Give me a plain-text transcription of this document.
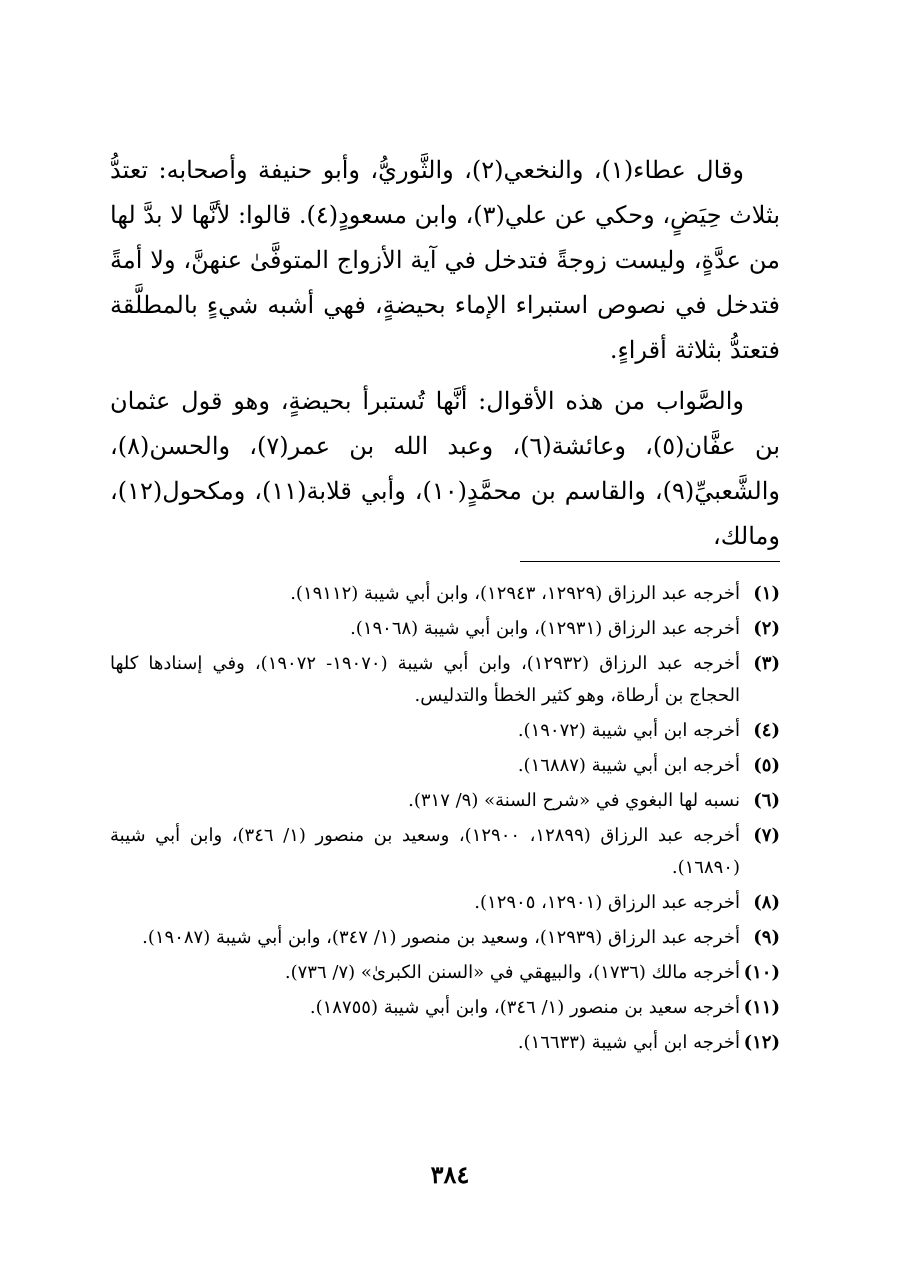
وقال عطاء(١)، والنخعي(٢)، والثَّوريُّ، وأبو حنيفة وأصحابه: تعتدُّ بثلاث حِيَضٍ، وحكي عن علي(٣)، وابن مسعودٍ(٤). قالوا: لأنَّها لا بدَّ لها من عدَّةٍ، وليست زوجةً فتدخل في آية الأزواج المتوفَّىٰ عنهنَّ، ولا أمةً فتدخل في نصوص استبراء الإماء بحيضةٍ، فهي أشبه شيءٍ بالمطلَّقة فتعتدُّ بثلاثة أقراءٍ.

والصَّواب من هذه الأقوال: أنَّها تُستبرأ بحيضةٍ، وهو قول عثمان بن عفَّان(٥)، وعائشة(٦)، وعبد الله بن عمر(٧)، والحسن(٨)، والشَّعبيِّ(٩)، والقاسم بن محمَّدٍ(١٠)، وأبي قلابة(١١)، ومكحول(١٢)، ومالك،

(١)
أخرجه عبد الرزاق (١٢٩٢٩، ١٢٩٤٣)، وابن أبي شيبة (١٩١١٢).
(٢)
أخرجه عبد الرزاق (١٢٩٣١)، وابن أبي شيبة (١٩٠٦٨).
(٣)
أخرجه عبد الرزاق (١٢٩٣٢)، وابن أبي شيبة (١٩٠٧٠- ١٩٠٧٢)، وفي إسنادها كلها الحجاج بن أرطاة، وهو كثير الخطأ والتدليس.
(٤)
أخرجه ابن أبي شيبة (١٩٠٧٢).
(٥)
أخرجه ابن أبي شيبة (١٦٨٨٧).
(٦)
نسبه لها البغوي في «شرح السنة» (٩/ ٣١٧).
(٧)
أخرجه عبد الرزاق (١٢٨٩٩، ١٢٩٠٠)، وسعيد بن منصور (١/ ٣٤٦)، وابن أبي شيبة (١٦٨٩٠).
(٨)
أخرجه عبد الرزاق (١٢٩٠١، ١٢٩٠٥).
(٩)
أخرجه عبد الرزاق (١٢٩٣٩)، وسعيد بن منصور (١/ ٣٤٧)، وابن أبي شيبة (١٩٠٨٧).
(١٠)
أخرجه مالك (١٧٣٦)، والبيهقي في «السنن الكبرىٰ» (٧/ ٧٣٦).
(١١)
أخرجه سعيد بن منصور (١/ ٣٤٦)، وابن أبي شيبة (١٨٧٥٥).
(١٢)
أخرجه ابن أبي شيبة (١٦٦٣٣).
٣٨٤
